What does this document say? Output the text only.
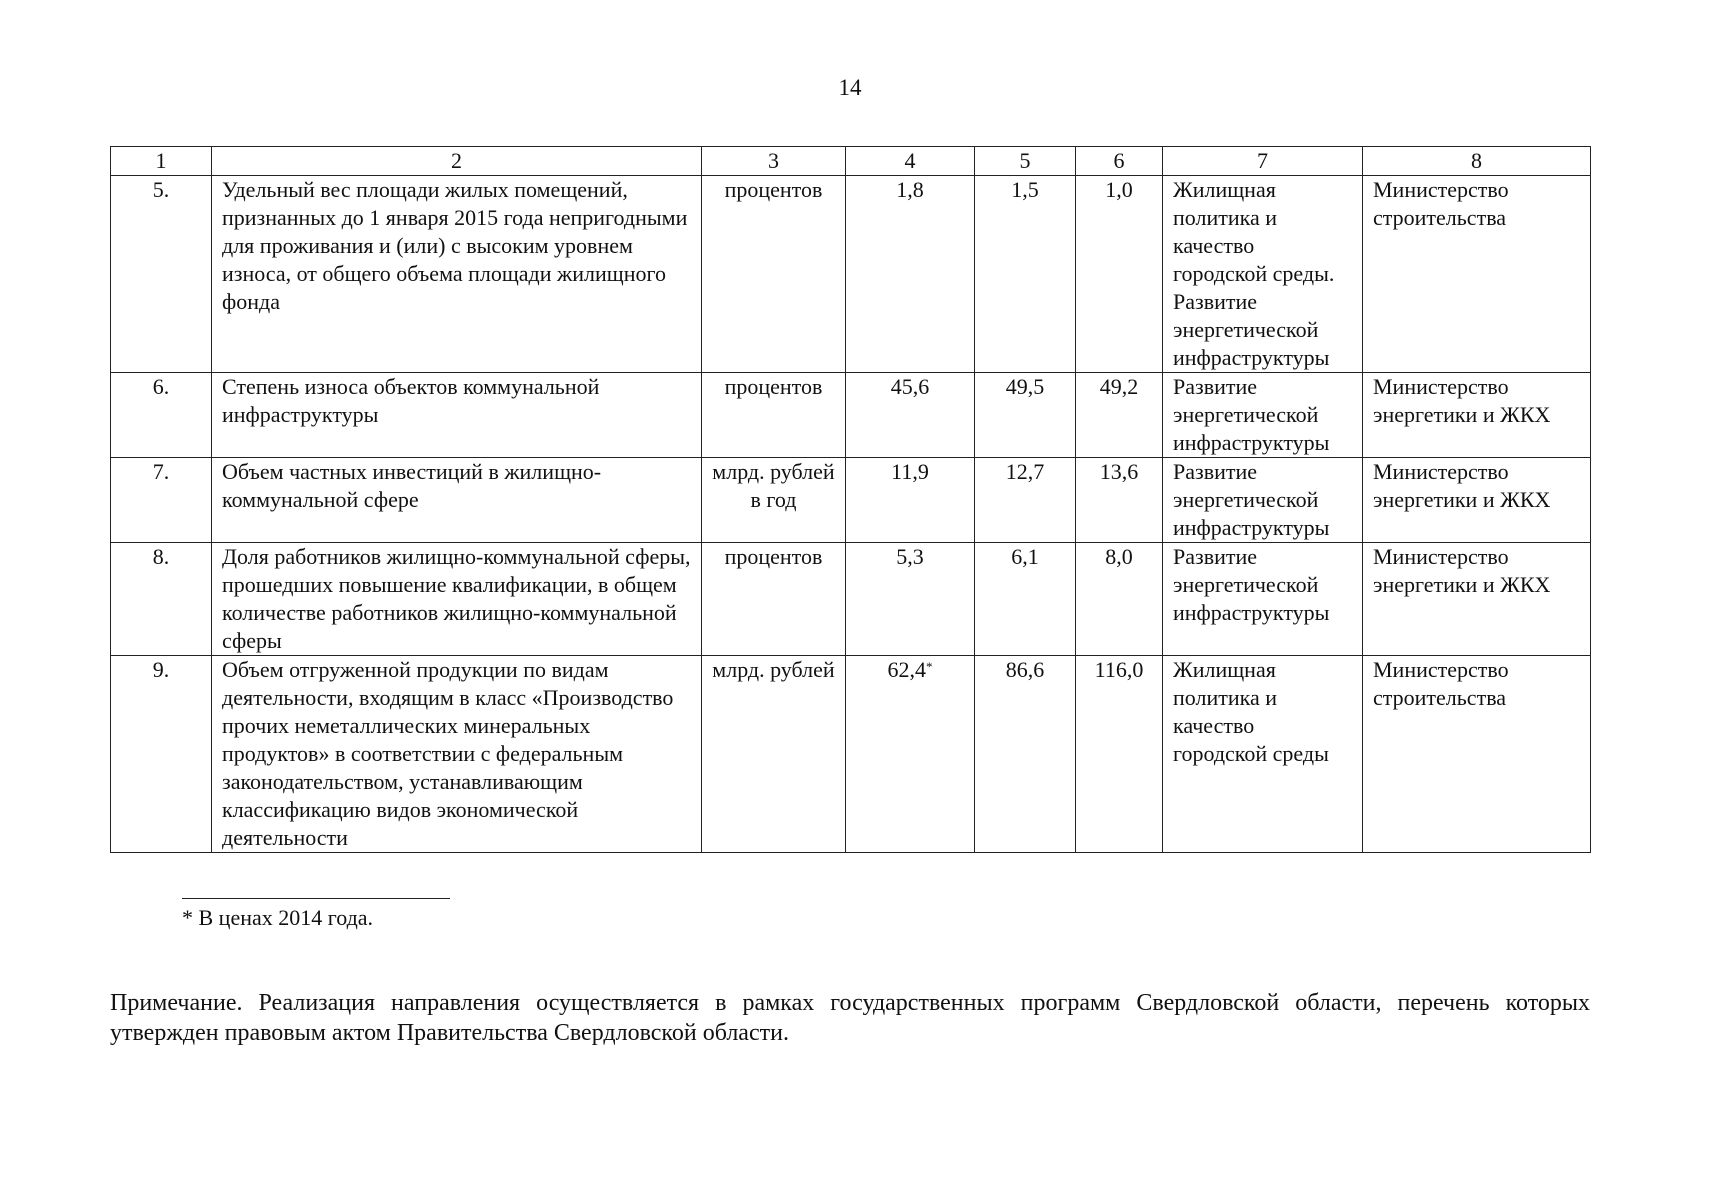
14
1	2	3	4	5	6	7	8
5.	Удельный вес площади жилых помещений, признанных до 1 января 2015 года непригодными для проживания и (или) с высоким уровнем износа, от общего объема площади жилищного фонда	процентов	1,8	1,5	1,0	Жилищная политика и качество городской среды. Развитие энергетической инфраструктуры	Министерство строительства
6.	Степень износа объектов коммунальной инфраструктуры	процентов	45,6	49,5	49,2	Развитие энергетической инфраструктуры	Министерство энергетики и ЖКХ
7.	Объем частных инвестиций в жилищно-коммунальной сфере	млрд. рублей в год	11,9	12,7	13,6	Развитие энергетической инфраструктуры	Министерство энергетики и ЖКХ
8.	Доля работников жилищно-коммунальной сферы, прошедших повышение квалификации, в общем количестве работников жилищно-коммунальной сферы	процентов	5,3	6,1	8,0	Развитие энергетической инфраструктуры	Министерство энергетики и ЖКХ
9.	Объем отгруженной продукции по видам деятельности, входящим в класс «Производство прочих неметаллических минеральных продуктов» в соответствии с федеральным законодательством, устанавливающим классификацию видов экономической деятельности	млрд. рублей	62,4*	86,6	116,0	Жилищная политика и качество городской среды	Министерство строительства
* В ценах 2014 года.
Примечание. Реализация направления осуществляется в рамках государственных программ Свердловской области, перечень которых утвержден правовым актом Правительства Свердловской области.
